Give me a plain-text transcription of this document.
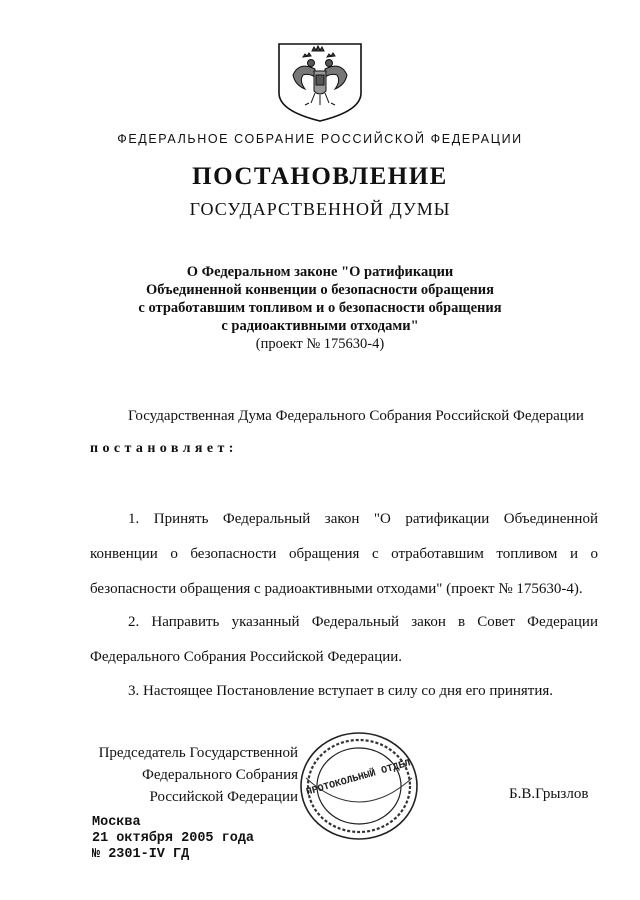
ФЕДЕРАЛЬНОЕ СОБРАНИЕ РОССИЙСКОЙ ФЕДЕРАЦИИ
ПОСТАНОВЛЕНИЕ
ГОСУДАРСТВЕННОЙ ДУМЫ
О Федеральном законе "О ратификации
Объединенной конвенции о безопасности обращения
с отработавшим топливом и о безопасности обращения
с радиоактивными отходами"
(проект № 175630-4)
Государственная Дума Федерального Собрания Российской Федерации
постановляет:
1. Принять Федеральный закон "О ратификации Объединенной
конвенции о безопасности обращения с отработавшим топливом и о
безопасности обращения с радиоактивными отходами" (проект № 175630-4).
2. Направить указанный Федеральный закон в Совет Федерации
Федерального Собрания Российской Федерации.
3. Настоящее Постановление вступает в силу со дня его принятия.
Председатель Государственной
Федерального Собрания
Российской Федерации ПРОТОКОЛЬНЫЙ ОТДЕЛ	Б.В.Грызлов
Москва
21 октября 2005 года
№ 2301-IV ГД
